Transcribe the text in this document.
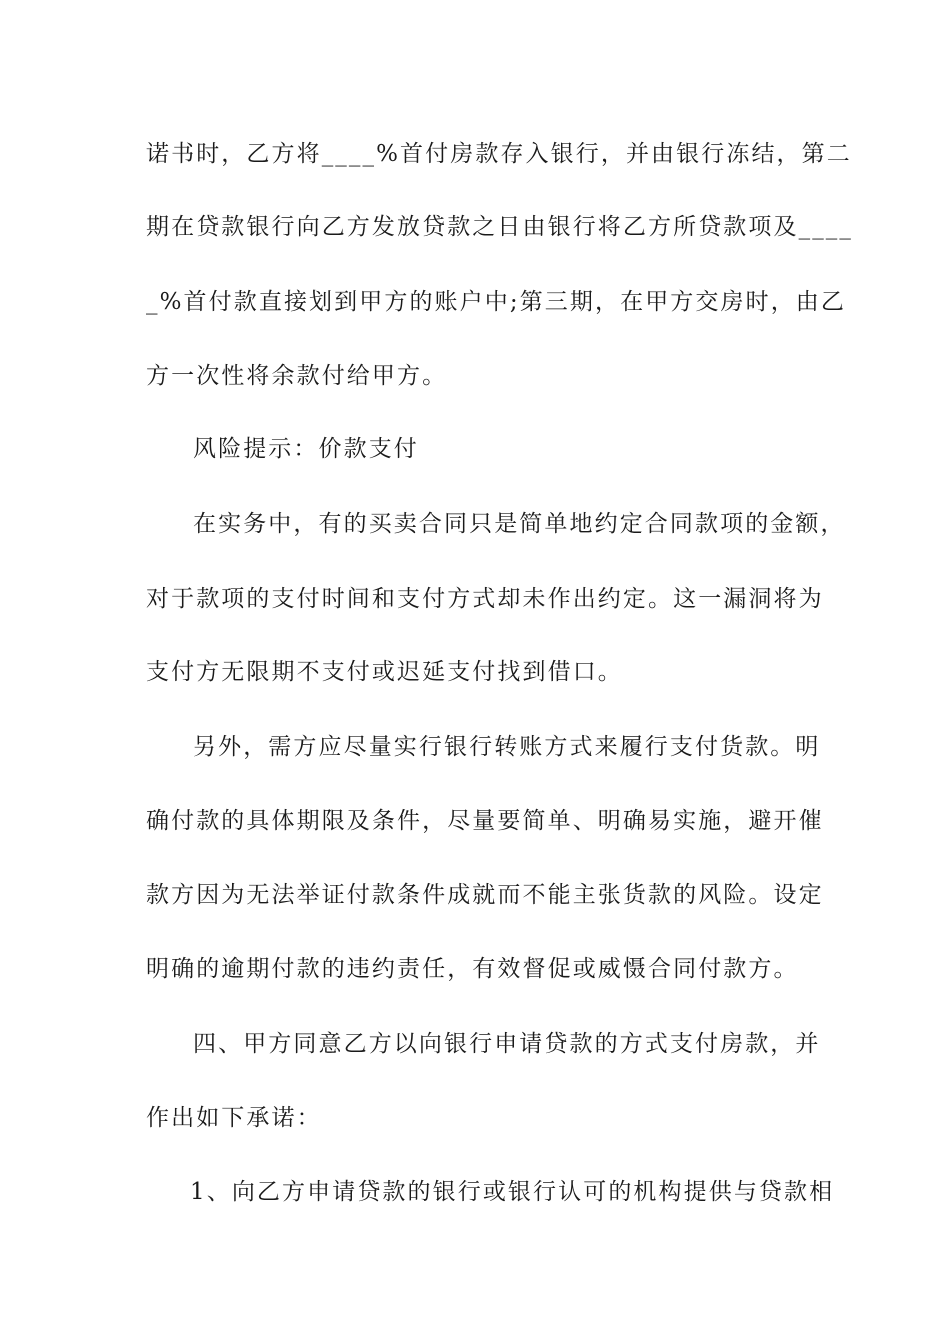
诺书时，乙方将____%首付房款存入银行，并由银行冻结，第二
期在贷款银行向乙方发放贷款之日由银行将乙方所贷款项及____
_%首付款直接划到甲方的账户中;第三期，在甲方交房时，由乙
方一次性将余款付给甲方。
风险提示：价款支付
在实务中，有的买卖合同只是简单地约定合同款项的金额，
对于款项的支付时间和支付方式却未作出约定。这一漏洞将为
支付方无限期不支付或迟延支付找到借口。
另外，需方应尽量实行银行转账方式来履行支付货款。明
确付款的具体期限及条件，尽量要简单、明确易实施，避开催
款方因为无法举证付款条件成就而不能主张货款的风险。设定
明确的逾期付款的违约责任，有效督促或威慑合同付款方。
四、甲方同意乙方以向银行申请贷款的方式支付房款，并
作出如下承诺：
1、向乙方申请贷款的银行或银行认可的机构提供与贷款相
